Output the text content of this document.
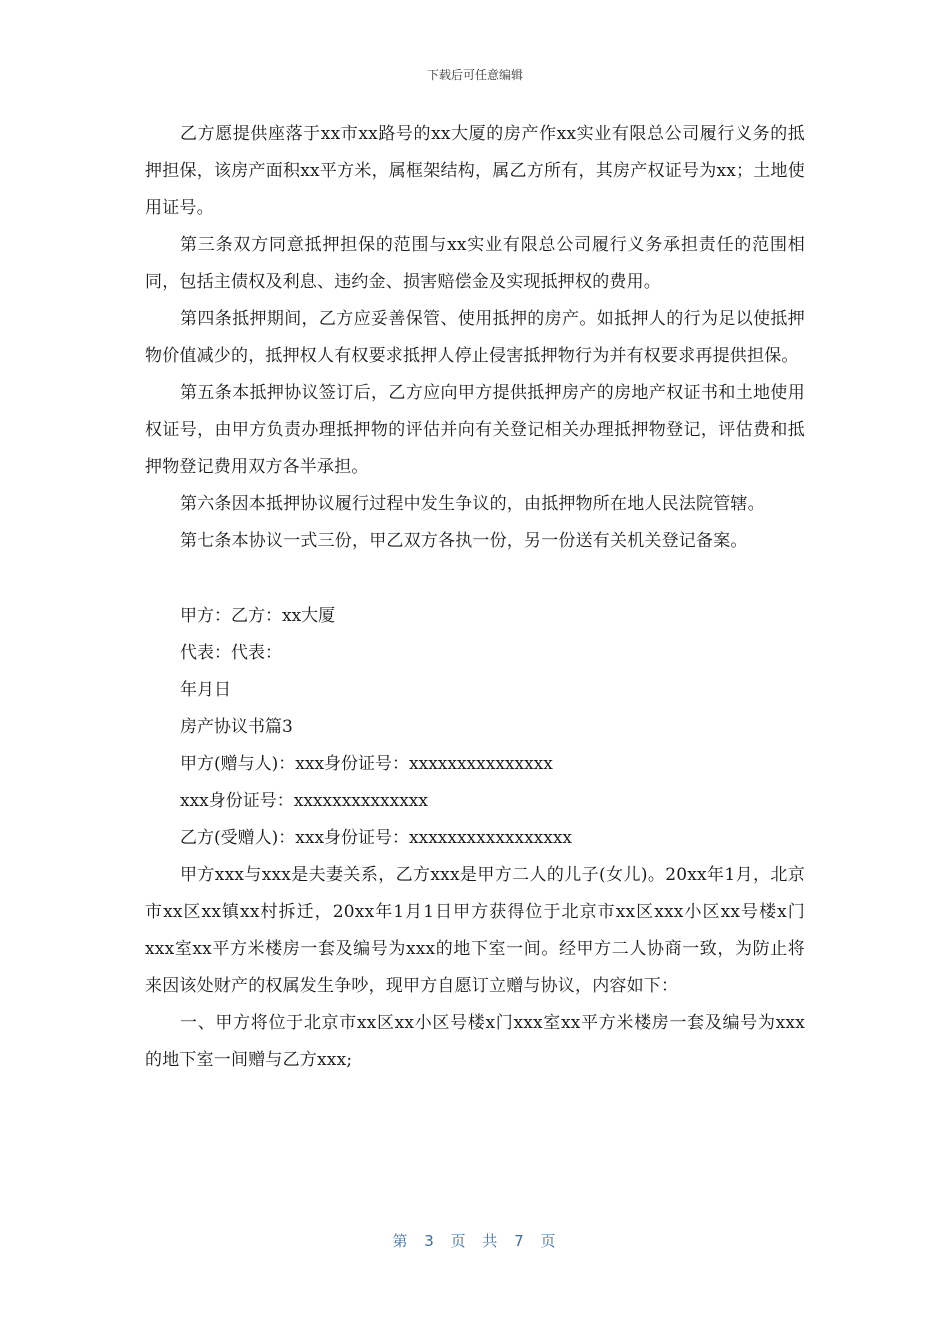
下载后可任意编辑

乙方愿提供座落于xx市xx路号的xx大厦的房产作xx实业有限总公司履行义务的抵押担保，该房产面积xx平方米，属框架结构，属乙方所有，其房产权证号为xx；土地使用证号。

第三条双方同意抵押担保的范围与xx实业有限总公司履行义务承担责任的范围相同，包括主债权及利息、违约金、损害赔偿金及实现抵押权的费用。

第四条抵押期间，乙方应妥善保管、使用抵押的房产。如抵押人的行为足以使抵押物价值减少的，抵押权人有权要求抵押人停止侵害抵押物行为并有权要求再提供担保。

第五条本抵押协议签订后，乙方应向甲方提供抵押房产的房地产权证书和土地使用权证号，由甲方负责办理抵押物的评估并向有关登记相关办理抵押物登记，评估费和抵押物登记费用双方各半承担。

第六条因本抵押协议履行过程中发生争议的，由抵押物所在地人民法院管辖。

第七条本协议一式三份，甲乙双方各执一份，另一份送有关机关登记备案。

甲方：乙方：xx大厦

代表：代表：

年月日

房产协议书篇3

甲方(赠与人)：xxx身份证号：xxxxxxxxxxxxxxx

xxx身份证号：xxxxxxxxxxxxxx

乙方(受赠人)：xxx身份证号：xxxxxxxxxxxxxxxxx

甲方xxx与xxx是夫妻关系，乙方xxx是甲方二人的儿子(女儿)。20xx年1月，北京市xx区xx镇xx村拆迁，20xx年1月1日甲方获得位于北京市xx区xxx小区xx号楼x门xxx室xx平方米楼房一套及编号为xxx的地下室一间。经甲方二人协商一致，为防止将来因该处财产的权属发生争吵，现甲方自愿订立赠与协议，内容如下：

一、甲方将位于北京市xx区xx小区号楼x门xxx室xx平方米楼房一套及编号为xxx的地下室一间赠与乙方xxx;

第 3 页 共 7 页
